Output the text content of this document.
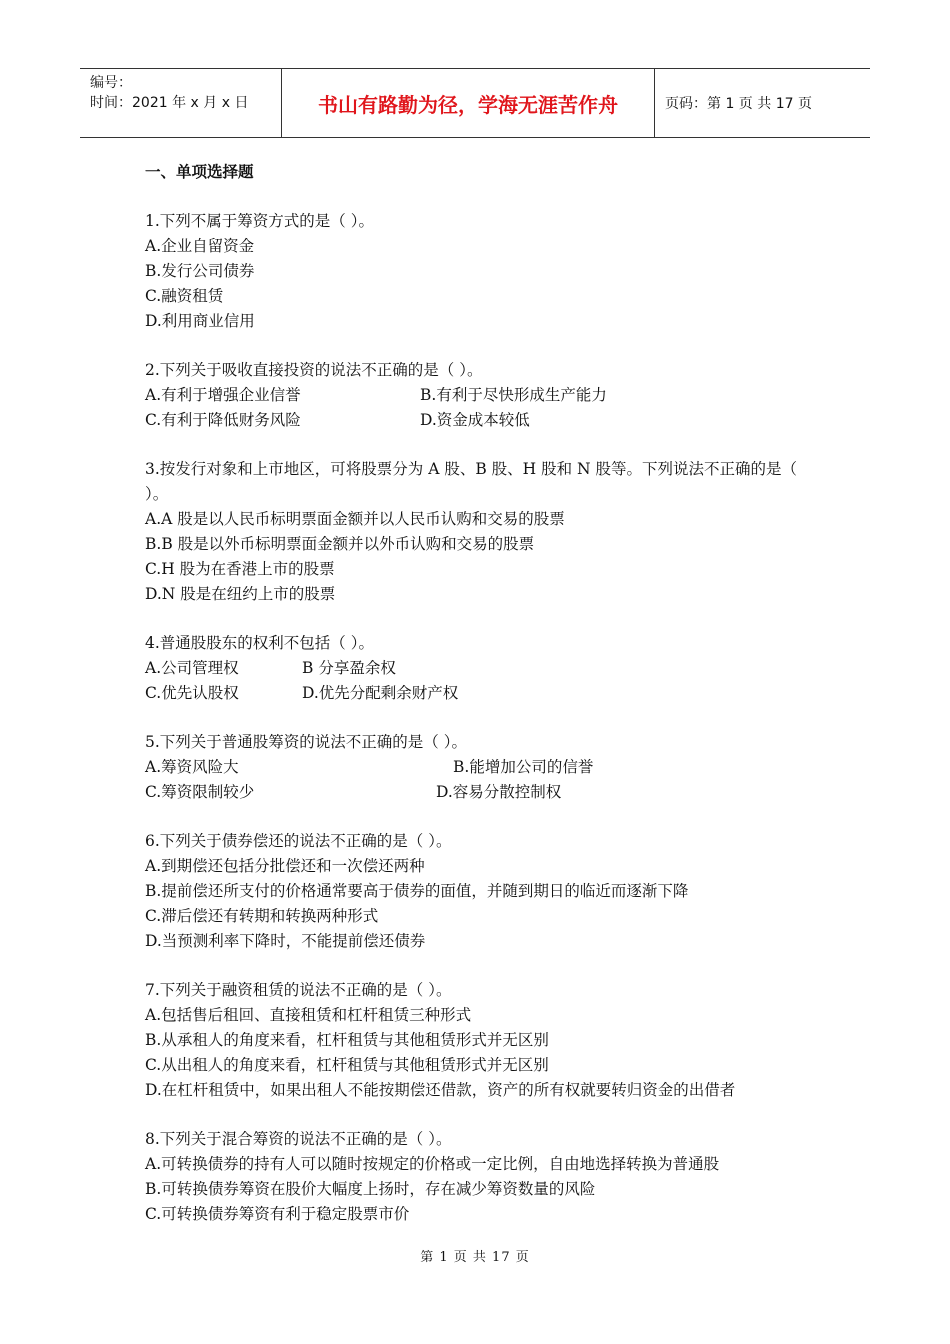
编号：
时间：2021 年 x 月 x 日	书山有路勤为径，学海无涯苦作舟	页码：第 1 页 共 17 页
一、单项选择题
1.下列不属于筹资方式的是（ ）。
A.企业自留资金
B.发行公司债券
C.融资租赁
D.利用商业信用
2.下列关于吸收直接投资的说法不正确的是（ ）。
A.有利于增强企业信誉	B.有利于尽快形成生产能力
C.有利于降低财务风险	D.资金成本较低
3.按发行对象和上市地区，可将股票分为 A 股、B 股、H 股和 N 股等。下列说法不正确的是（ ）。
A.A 股是以人民币标明票面金额并以人民币认购和交易的股票
B.B 股是以外币标明票面金额并以外币认购和交易的股票
C.H 股为在香港上市的股票
D.N 股是在纽约上市的股票
4.普通股股东的权利不包括（ ）。
A.公司管理权	B 分享盈余权
C.优先认股权	D.优先分配剩余财产权
5.下列关于普通股筹资的说法不正确的是（ ）。
A.筹资风险大	B.能增加公司的信誉
C.筹资限制较少	D.容易分散控制权
6.下列关于债券偿还的说法不正确的是（ ）。
A.到期偿还包括分批偿还和一次偿还两种
B.提前偿还所支付的价格通常要高于债券的面值，并随到期日的临近而逐渐下降
C.滞后偿还有转期和转换两种形式
D.当预测利率下降时，不能提前偿还债券
7.下列关于融资租赁的说法不正确的是（ ）。
A.包括售后租回、直接租赁和杠杆租赁三种形式
B.从承租人的角度来看，杠杆租赁与其他租赁形式并无区别
C.从出租人的角度来看，杠杆租赁与其他租赁形式并无区别
D.在杠杆租赁中，如果出租人不能按期偿还借款，资产的所有权就要转归资金的出借者
8.下列关于混合筹资的说法不正确的是（ ）。
A.可转换债券的持有人可以随时按规定的价格或一定比例，自由地选择转换为普通股
B.可转换债券筹资在股价大幅度上扬时，存在减少筹资数量的风险
C.可转换债券筹资有利于稳定股票市价
第 1 页 共 17 页
